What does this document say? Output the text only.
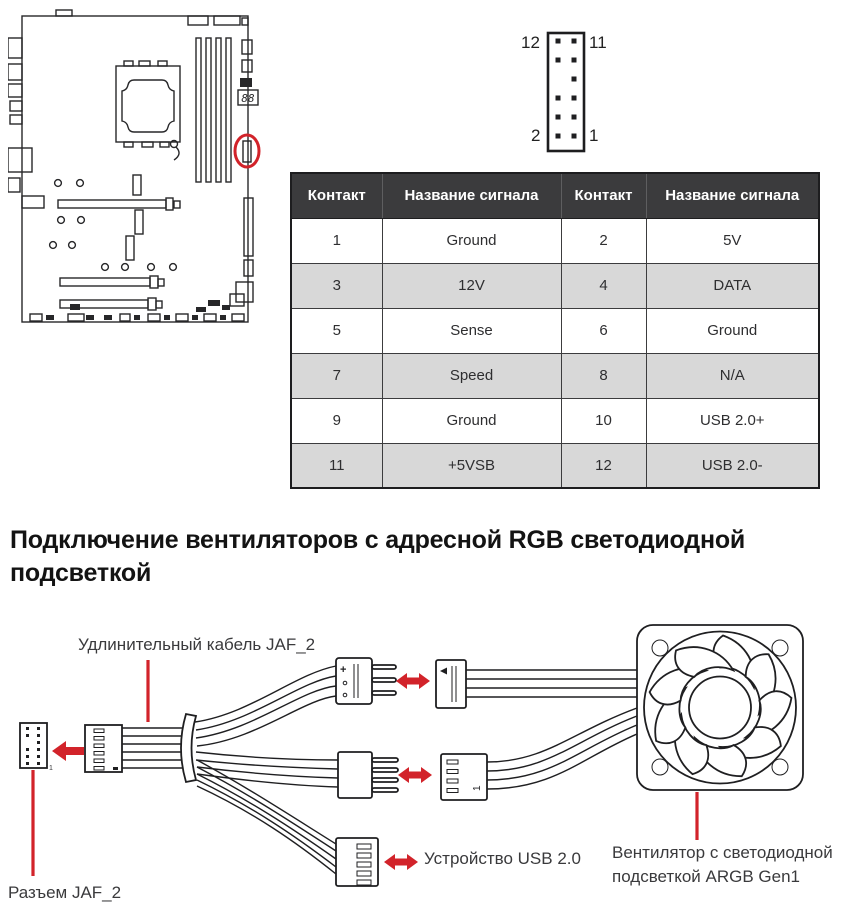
88
12	11
2	1
Контакт	Название сигнала	Контакт	Название сигнала
1	Ground	2	5V
3	12V	4	DATA
5	Sense	6	Ground
7	Speed	8	N/A
9	Ground	10	USB 2.0+
11	+5VSB	12	USB 2.0-
Подключение вентиляторов с адресной RGB светодиодной
подсветкой
1
+
1
Удлинительный кабель JAF_2
Разъем JAF_2
Устройство USB 2.0 Вентилятор с светодиодной
подсветкой ARGB Gen1
